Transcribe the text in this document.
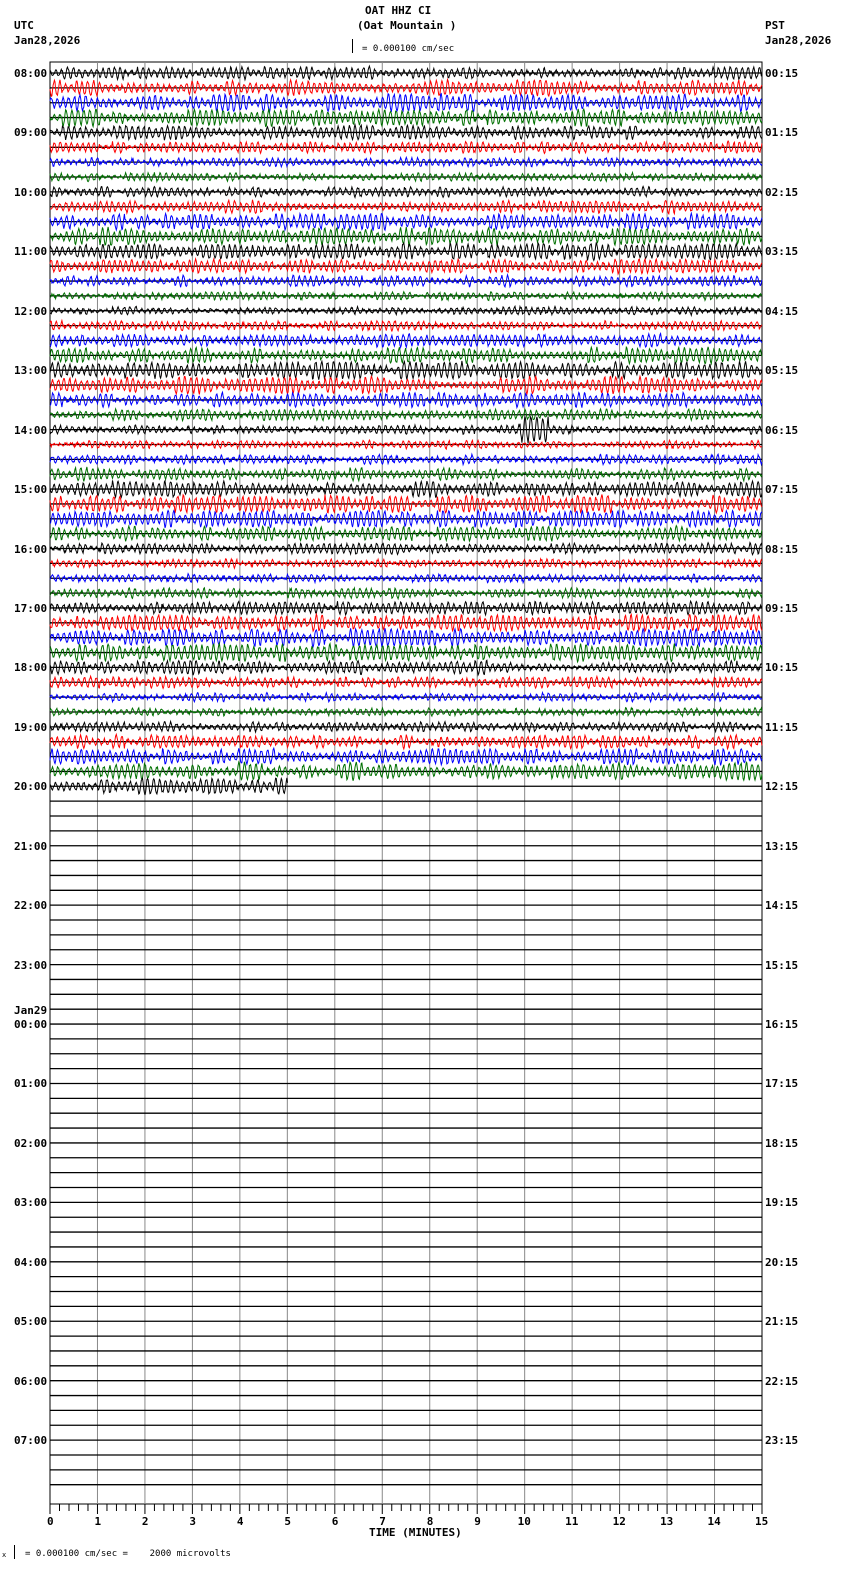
OAT HHZ CI
(Oat Mountain )
UTC
Jan28,2026
PST
Jan28,2026
= 0.000100 cm/sec
0	1	2	3	4	5	6	7	8	9	10	11	12	13	14	15
08:00
09:00
10:00
11:00
12:00
13:00
14:00
15:00
16:00
17:00
18:00
19:00
20:00
21:00
22:00
23:00
00:00
Jan29
01:00
02:00
03:00
04:00
05:00
06:00
07:00
00:15
01:15
02:15
03:15
04:15
05:15
06:15
07:15
08:15
09:15
10:15
11:15
12:15
13:15
14:15
15:15
16:15
17:15
18:15
19:15
20:15
21:15
22:15
23:15
TIME (MINUTES)
x = 0.000100 cm/sec =    2000 microvolts
